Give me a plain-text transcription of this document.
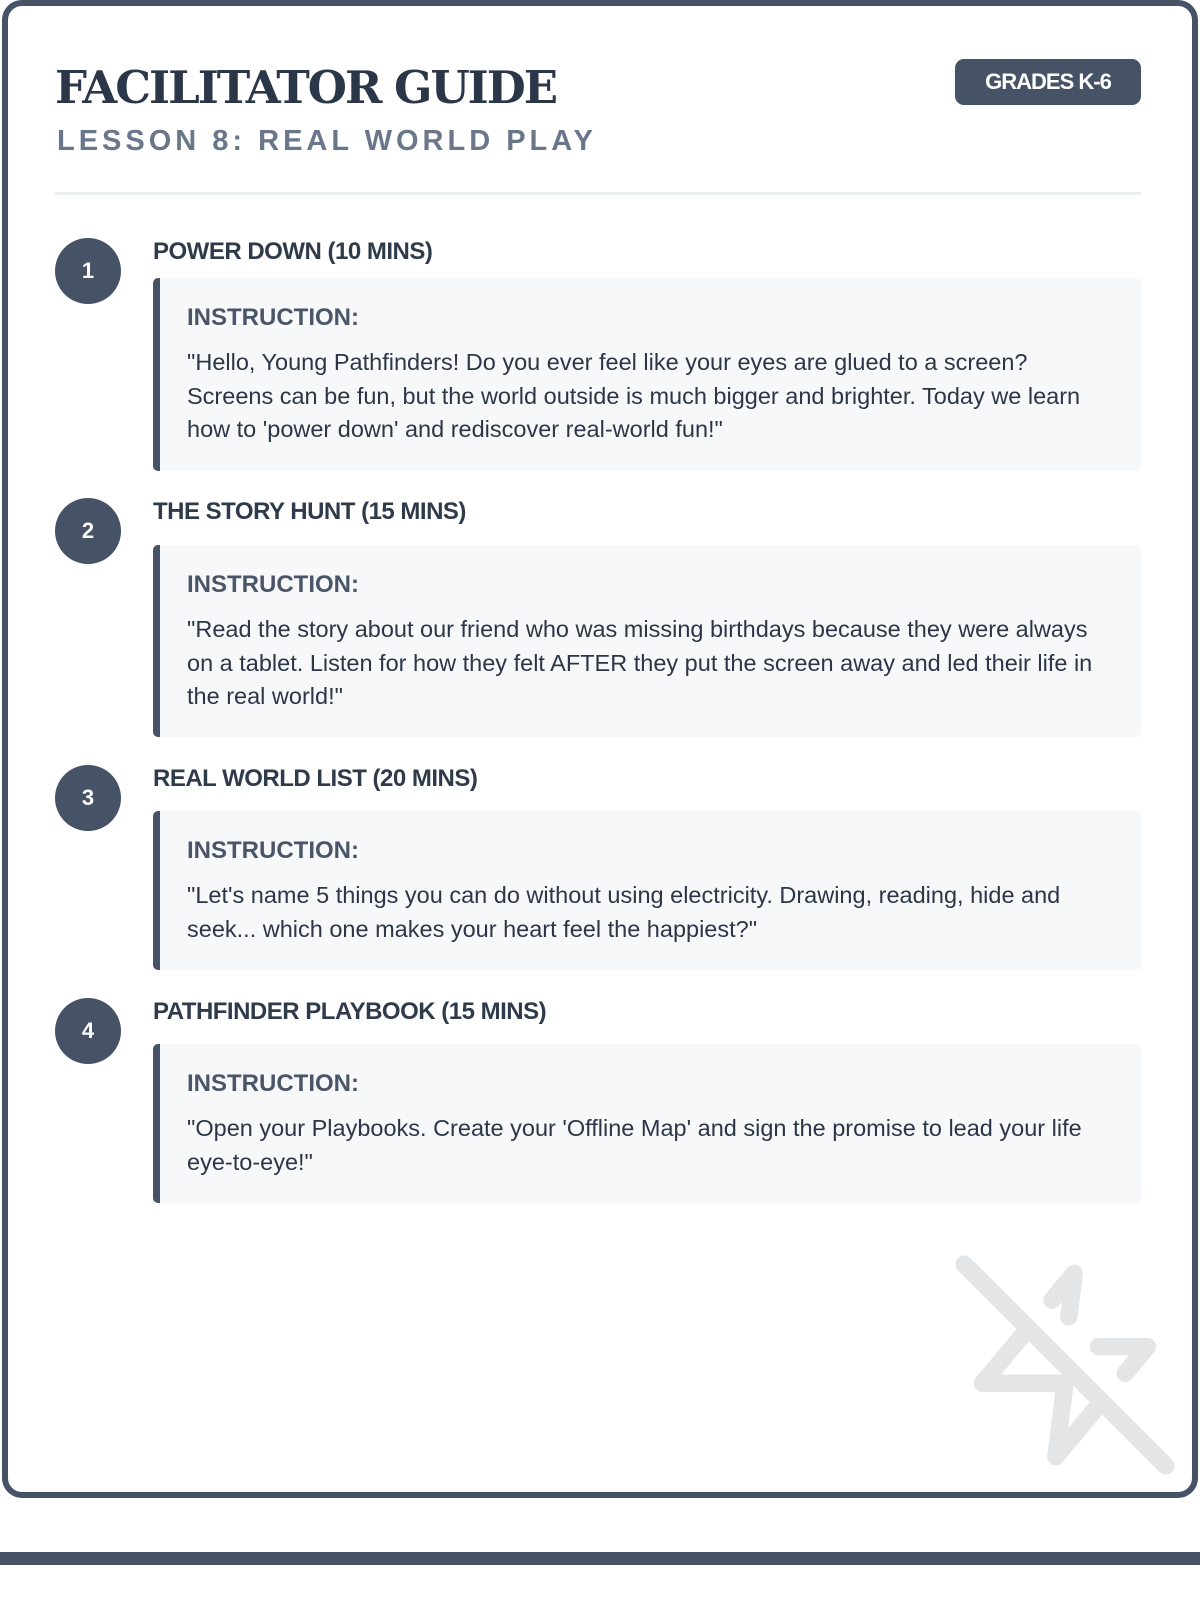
FACILITATOR GUIDE
LESSON 8: REAL WORLD PLAY
GRADES K-6
1
POWER DOWN (10 MINS)
INSTRUCTION:
"Hello, Young Pathfinders! Do you ever feel like your eyes are glued to a screen? Screens can be fun, but the world outside is much bigger and brighter. Today we learn how to 'power down' and rediscover real-world fun!"
2
THE STORY HUNT (15 MINS)
INSTRUCTION:
"Read the story about our friend who was missing birthdays because they were always on a tablet. Listen for how they felt AFTER they put the screen away and led their life in the real world!"
3
REAL WORLD LIST (20 MINS)
INSTRUCTION:
"Let's name 5 things you can do without using electricity. Drawing, reading, hide and seek... which one makes your heart feel the happiest?"
4
PATHFINDER PLAYBOOK (15 MINS)
INSTRUCTION:
"Open your Playbooks. Create your 'Offline Map' and sign the promise to lead your life eye-to-eye!"
